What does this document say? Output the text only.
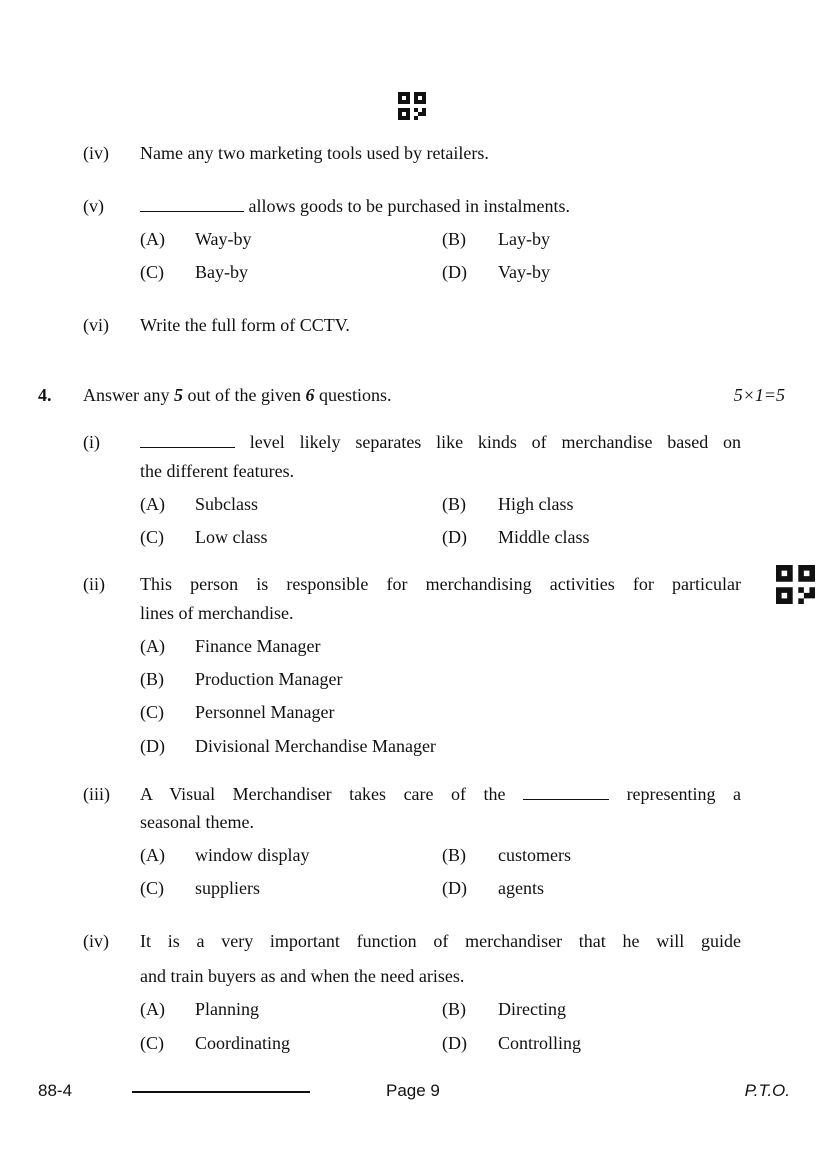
(iv) Name any two marketing tools used by retailers.
(v)	allows goods to be purchased in instalments.
(A) Way-by	(B) Lay-by
(C) Bay-by	(D) Vay-by
(vi) Write the full form of CCTV.
4. Answer any 5 out of the given 6 questions.	5×1=5
(i)	level likely separates like kinds of merchandise based on
the different features.
(A) Subclass	(B) High class
(C) Low class	(D) Middle class
(ii) This person is responsible for merchandising activities for particular
lines of merchandise.
(A) Finance Manager
(B) Production Manager
(C) Personnel Manager
(D) Divisional Merchandise Manager
(iii) A Visual Merchandiser takes care of the	representing a
seasonal theme.
(A) window display	(B) customers
(C) suppliers	(D) agents
(iv) It is a very important function of merchandiser that he will guide
and train buyers as and when the need arises.
(A) Planning	(B) Directing
(C) Coordinating	(D) Controlling
88-4	Page 9	P.T.O.
